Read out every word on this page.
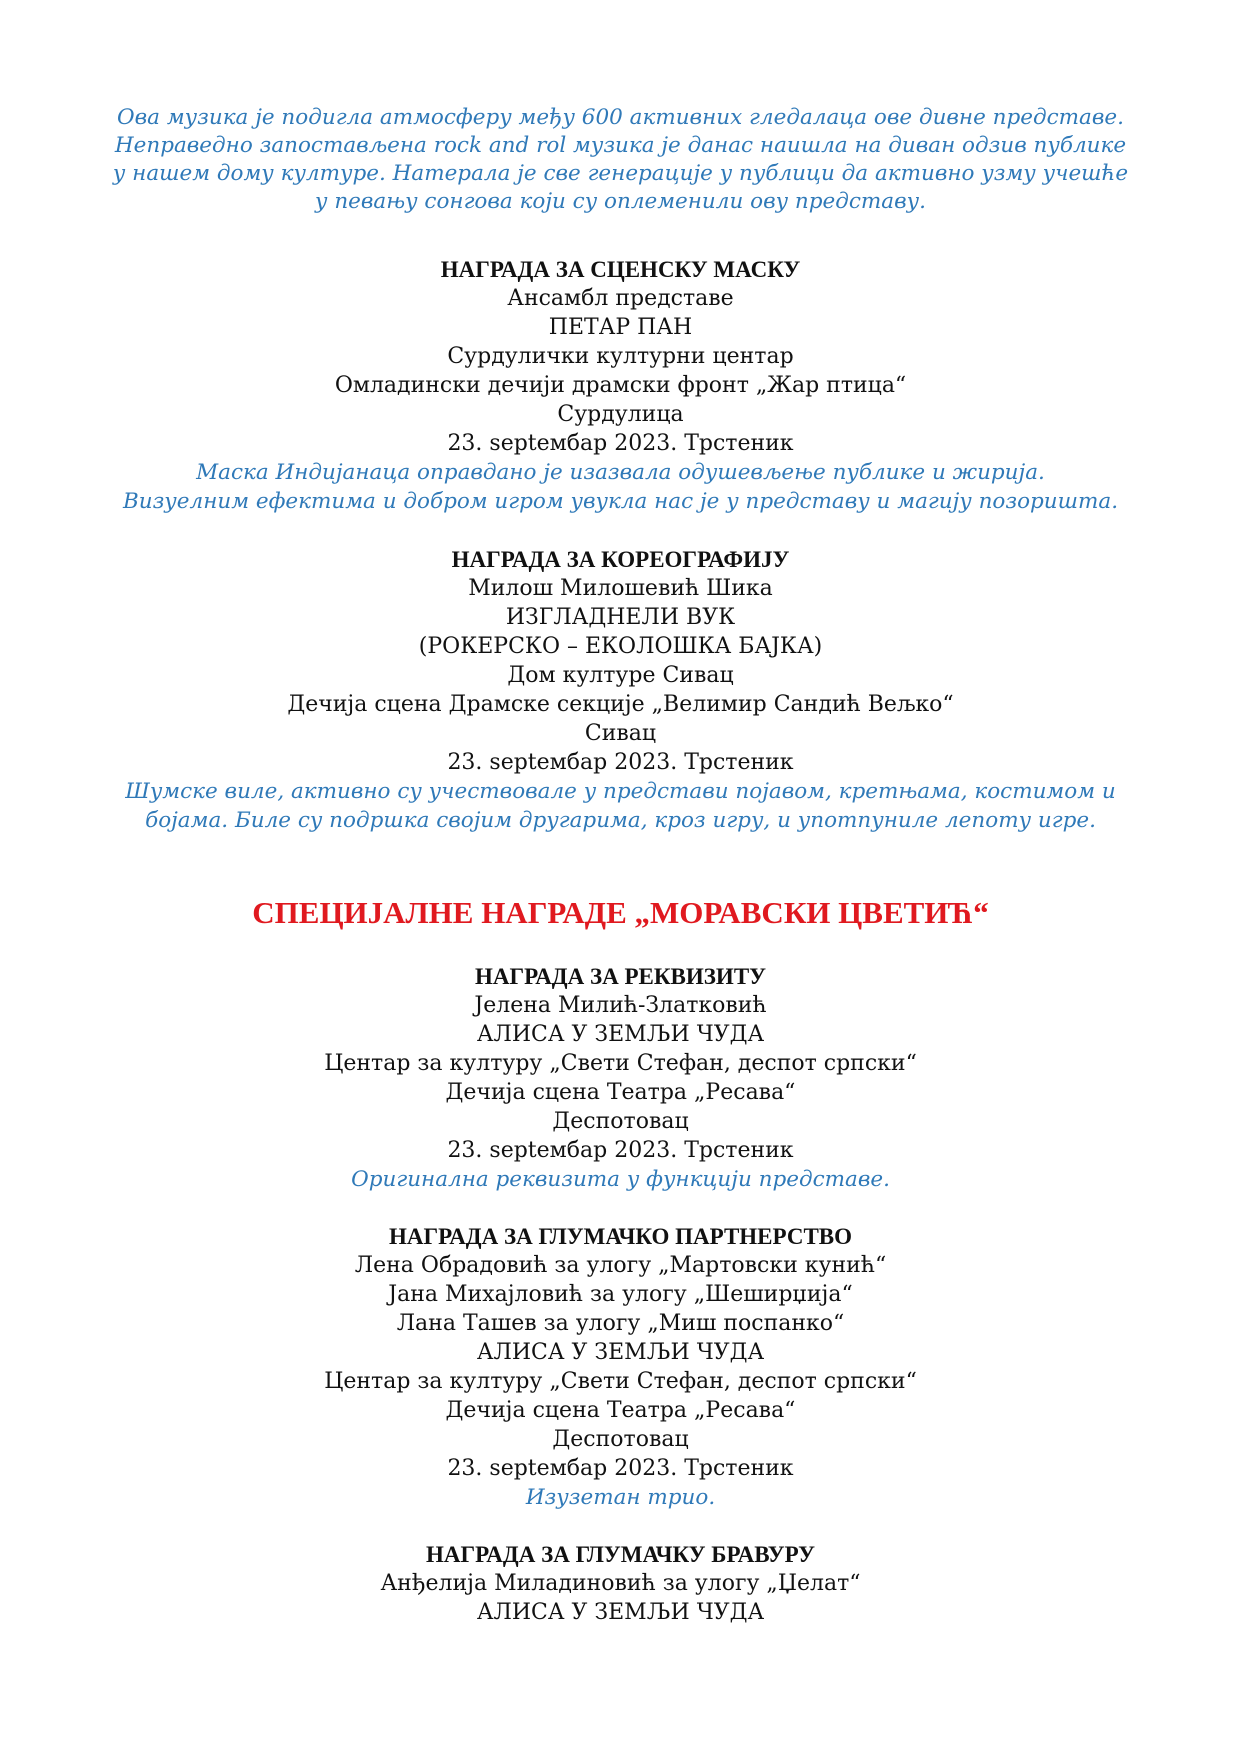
Ова музика је подигла атмосферу међу 600 активних гледалаца ове дивне представе.
Неправедно запостављена rock and rol музика је данас наишла на диван одзив публике
у нашем дому културе. Натерала је све генерације у публици да активно узму учешће
у певању сонгова који су оплеменили ову представу.
НАГРАДА ЗА СЦЕНСКУ МАСКУ
Ансамбл представе
ПЕТАР ПАН
Сурдулички културни центар
Омладински дечији драмски фронт „Жар птица“
Сурдулица
23. septембар 2023. Трстеник
Маска Индијанаца оправдано је изазвала одушевљење публике и жирија.
Визуелним ефектима и добром игром увукла нас је у представу и магију позоришта.
НАГРАДА ЗА КОРЕОГРАФИЈУ
Милош Милошевић Шика
ИЗГЛАДНЕЛИ ВУК
(РОКЕРСКО – ЕКОЛОШКА БАЈКА)
Дом културе Сивац
Дечија сцена Драмске секције „Велимир Сандић Вељко“
Сивац
23. septембар 2023. Трстеник
Шумске виле, активно су учествовале у представи појавом, кретњама, костимом и
бојама. Биле су подршка својим другарима, кроз игру, и употпуниле лепоту игре.
СПЕЦИЈАЛНЕ НАГРАДЕ „МОРАВСКИ ЦВЕТИЋ“
НАГРАДА ЗА РЕКВИЗИТУ
Јелена Милић-Златковић
АЛИСА У ЗЕМЉИ ЧУДА
Центар за културу „Свети Стефан, деспот српски“
Дечија сцена Театра „Ресава“
Деспотовац
23. septембар 2023. Трстеник
Оригинална реквизита у функцији представе.
НАГРАДА ЗА ГЛУМАЧКО ПАРТНЕРСТВО
Лена Обрадовић за улогу „Мартовски кунић“
Јана Михајловић за улогу „Шеширџија“
Лана Ташев за улогу „Миш поспанко“
АЛИСА У ЗЕМЉИ ЧУДА
Центар за културу „Свети Стефан, деспот српски“
Дечија сцена Театра „Ресава“
Деспотовац
23. septембар 2023. Трстеник
Изузетан трио.
НАГРАДА ЗА ГЛУМАЧКУ БРАВУРУ
Анђелија Миладиновић за улогу „Џелат“
АЛИСА У ЗЕМЉИ ЧУДА
